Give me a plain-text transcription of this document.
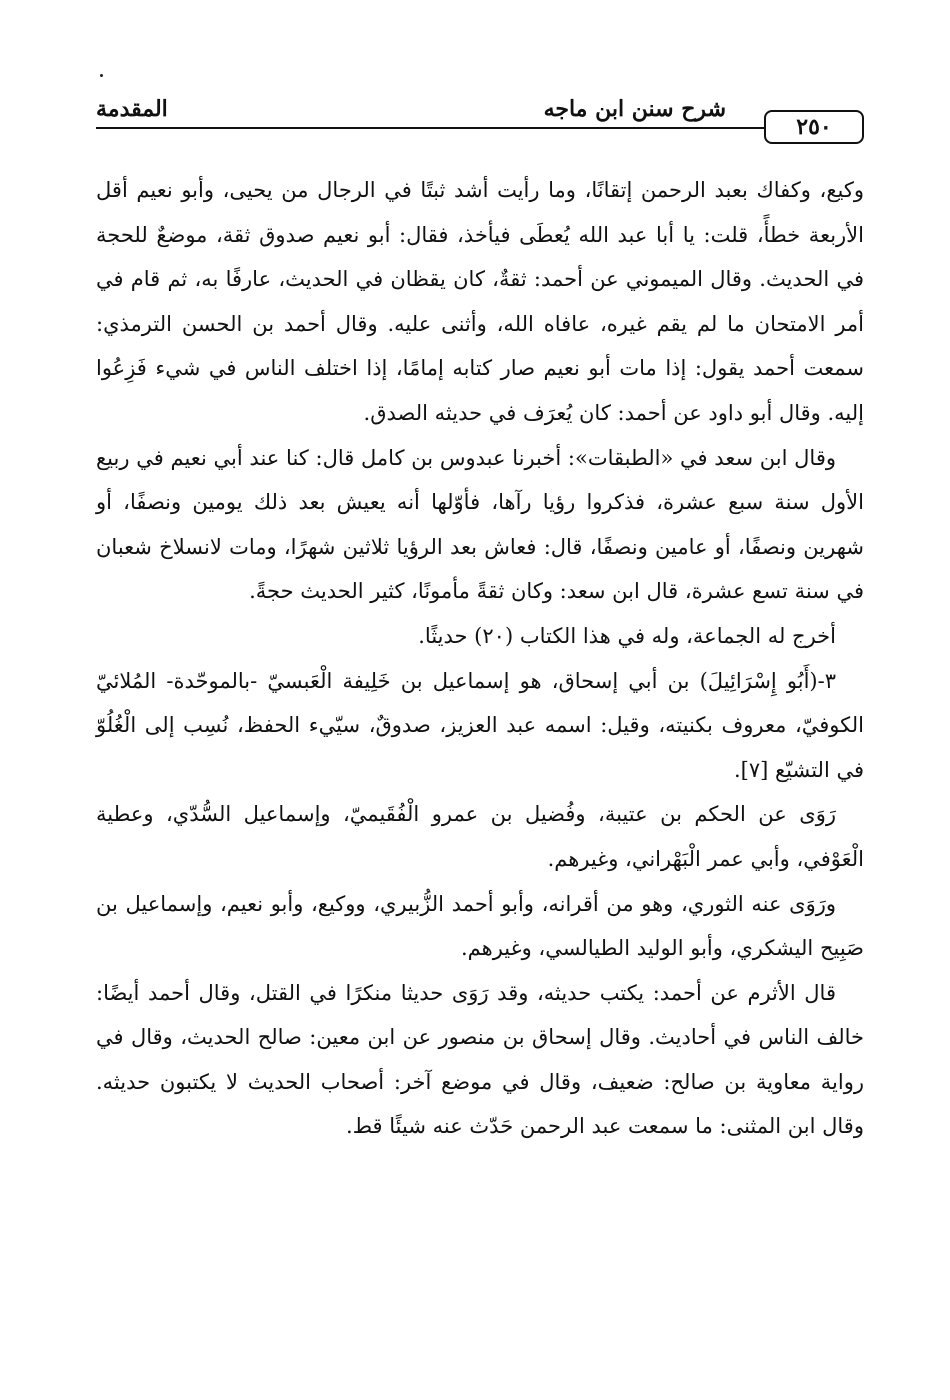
المقدمة	شرح سنن ابن ماجه
٢٥٠

وكيع، وكفاك بعبد الرحمن إتقانًا، وما رأيت أشد ثبتًا في الرجال من يحيى، وأبو نعيم أقل الأربعة خطأً، قلت: يا أبا عبد الله يُعطَى فيأخذ، فقال: أبو نعيم صدوق ثقة، موضعٌ للحجة في الحديث. وقال الميموني عن أحمد: ثقةٌ، كان يقظان في الحديث، عارفًا به، ثم قام في أمر الامتحان ما لم يقم غيره، عافاه الله، وأثنى عليه. وقال أحمد بن الحسن الترمذي: سمعت أحمد يقول: إذا مات أبو نعيم صار كتابه إمامًا، إذا اختلف الناس في شيء فَزِعُوا إليه. وقال أبو داود عن أحمد: كان يُعرَف في حديثه الصدق.

وقال ابن سعد في «الطبقات»: أخبرنا عبدوس بن كامل قال: كنا عند أبي نعيم في ربيع الأول سنة سبع عشرة، فذكروا رؤيا رآها، فأوّلها أنه يعيش بعد ذلك يومين ونصفًا، أو شهرين ونصفًا، أو عامين ونصفًا، قال: فعاش بعد الرؤيا ثلاثين شهرًا، ومات لانسلاخ شعبان في سنة تسع عشرة، قال ابن سعد: وكان ثقةً مأمونًا، كثير الحديث حجةً.

أخرج له الجماعة، وله في هذا الكتاب (٢٠) حديثًا.

٣-(أَبُو إِسْرَائِيلَ) بن أبي إسحاق، هو إسماعيل بن خَلِيفة الْعَبسيّ -بالموحّدة- المُلائيّ الكوفيّ، معروف بكنيته، وقيل: اسمه عبد العزيز، صدوقٌ، سيّيء الحفظ، نُسِب إلى الْغُلُوّ في التشيّع [٧].

رَوَى عن الحكم بن عتيبة، وفُضيل بن عمرو الْفُقَيميّ، وإسماعيل السُّدّي، وعطية الْعَوْفي، وأبي عمر الْبَهْراني، وغيرهم.

ورَوَى عنه الثوري، وهو من أقرانه، وأبو أحمد الزُّبيري، ووكيع، وأبو نعيم، وإسماعيل بن صَبِيح اليشكري، وأبو الوليد الطيالسي، وغيرهم.

قال الأثرم عن أحمد: يكتب حديثه، وقد رَوَى حديثا منكرًا في القتل، وقال أحمد أيضًا: خالف الناس في أحاديث. وقال إسحاق بن منصور عن ابن معين: صالح الحديث، وقال في رواية معاوية بن صالح: ضعيف، وقال في موضع آخر: أصحاب الحديث لا يكتبون حديثه. وقال ابن المثنى: ما سمعت عبد الرحمن حَدّث عنه شيئًا قط.
